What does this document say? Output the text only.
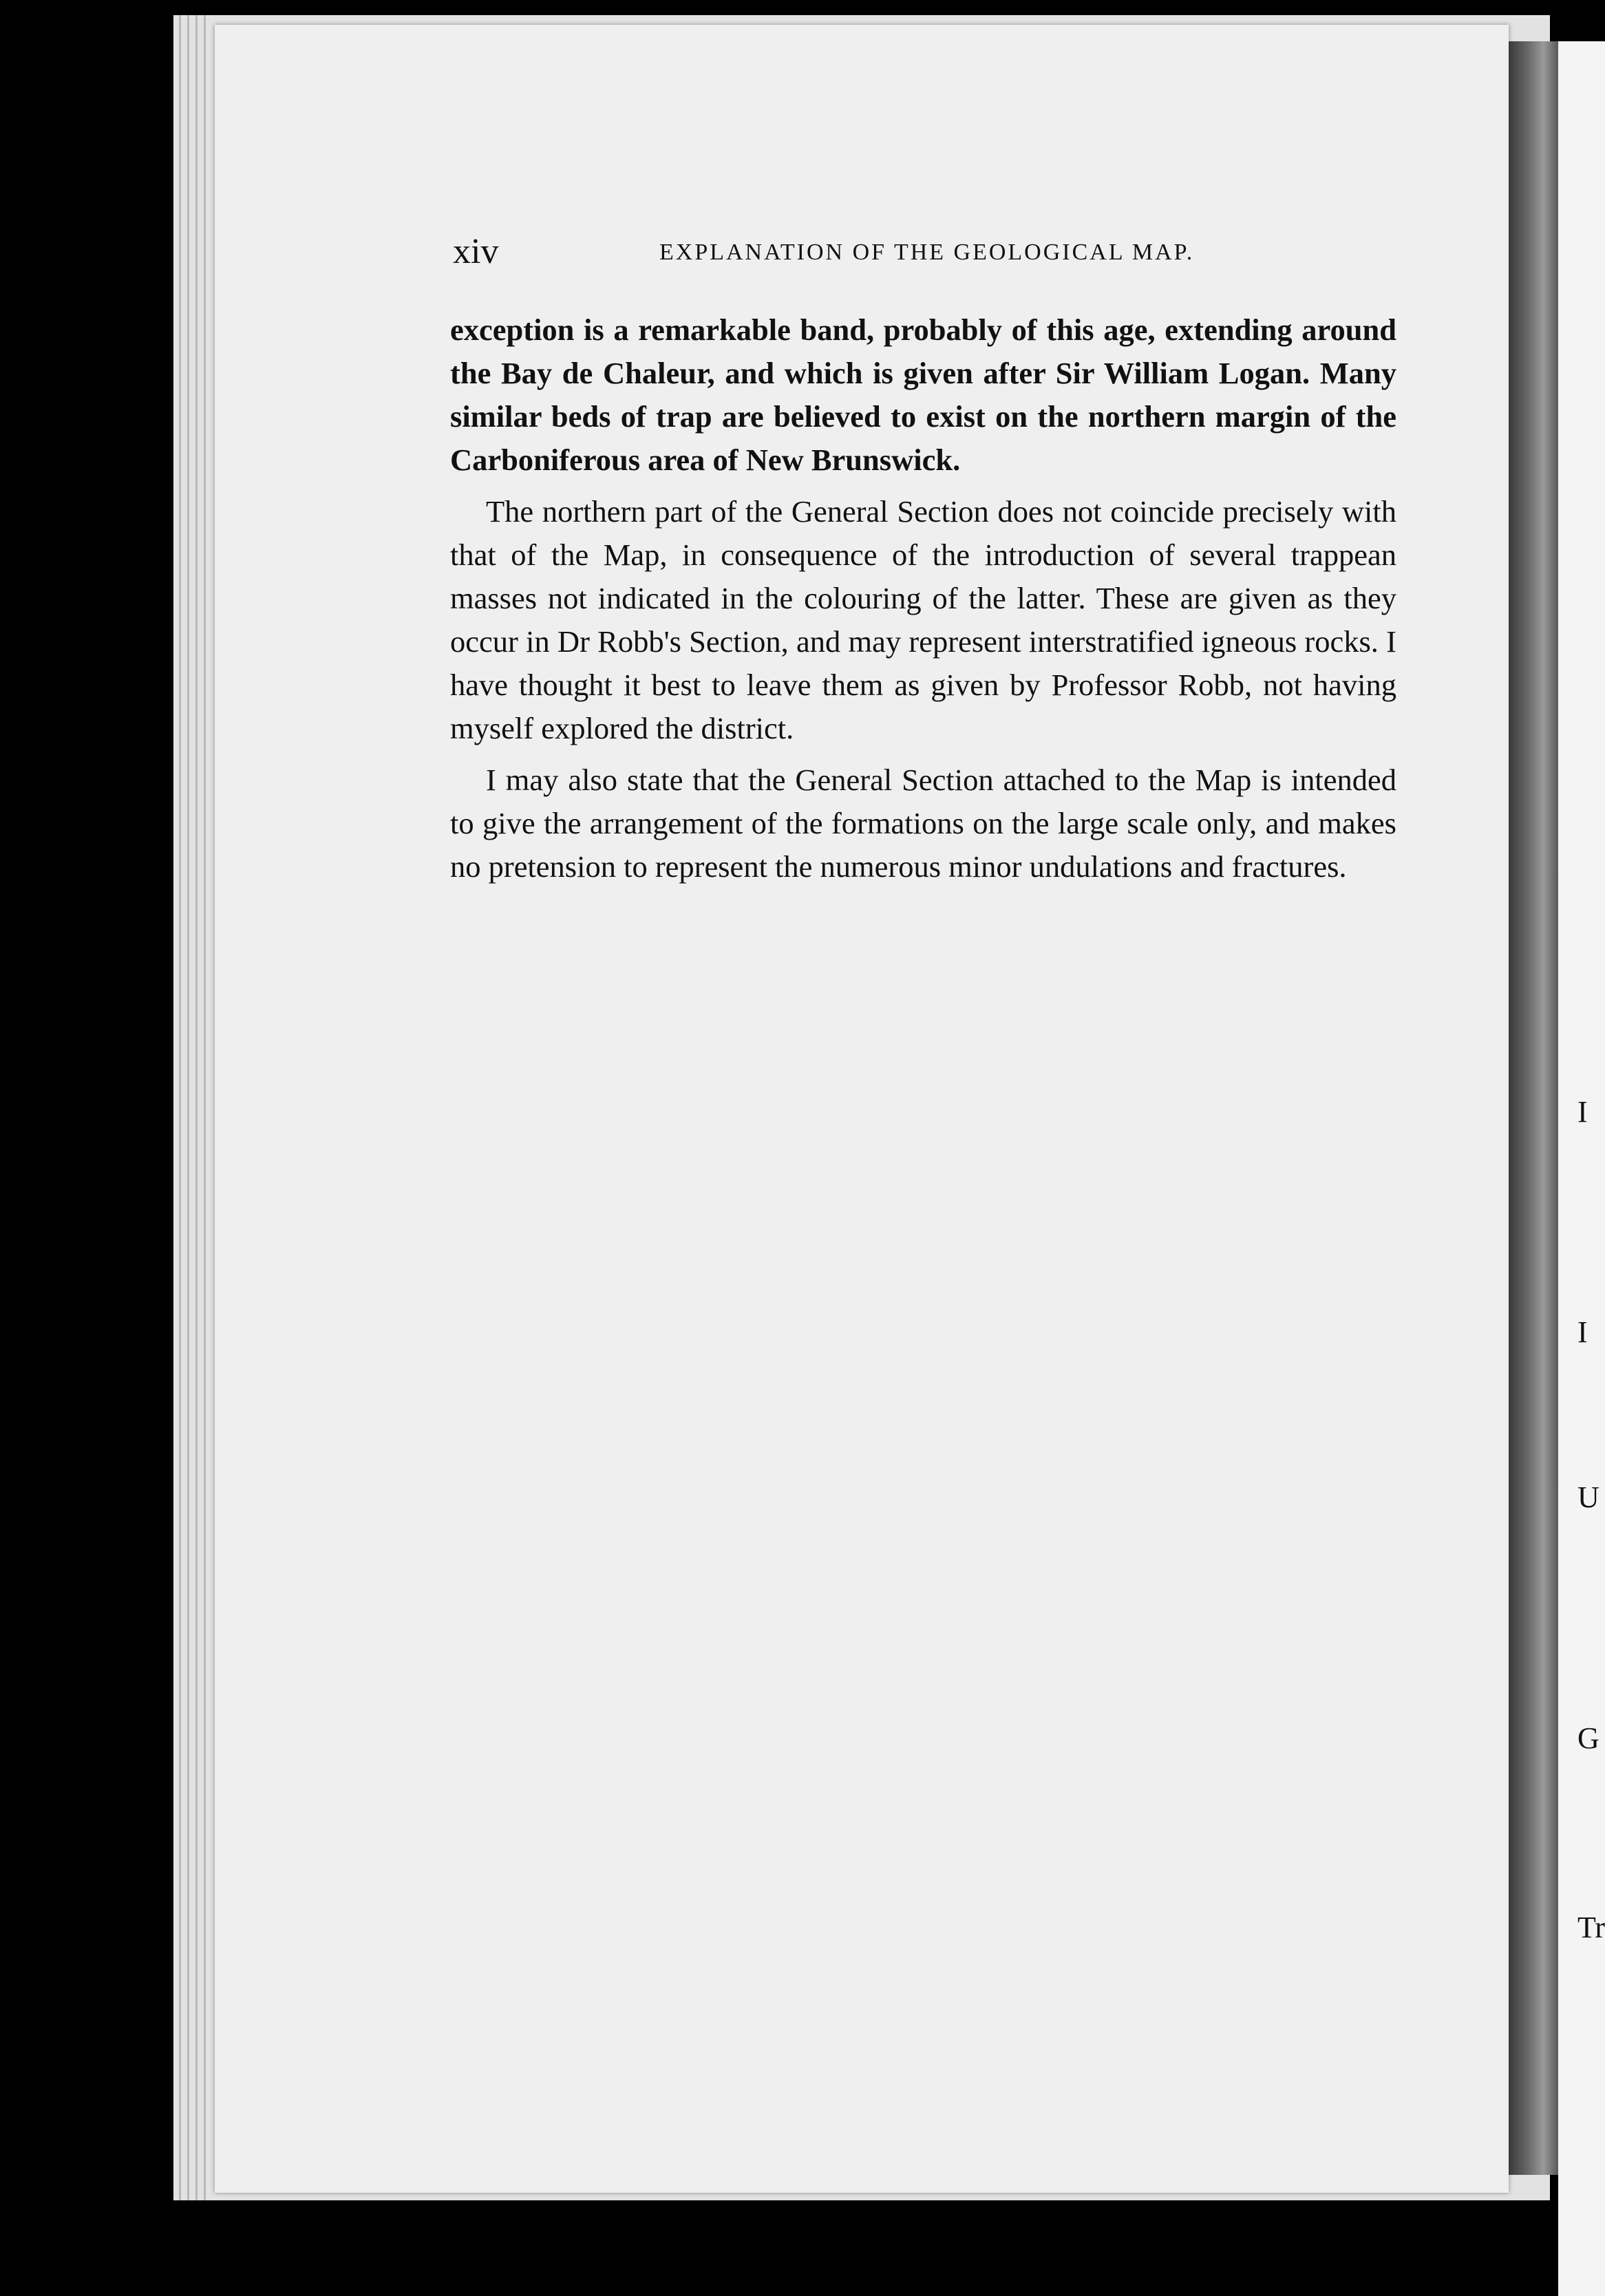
I
I
U
G
Tr
xiv	EXPLANATION OF THE GEOLOGICAL MAP.

exception is a remarkable band, probably of this age, extending around the Bay de Chaleur, and which is given after Sir William Logan. Many similar beds of trap are believed to exist on the northern margin of the Carboniferous area of New Brunswick.

The northern part of the General Section does not coincide precisely with that of the Map, in consequence of the introduction of several trappean masses not indicated in the colouring of the latter. These are given as they occur in Dr Robb's Section, and may represent interstratified igneous rocks. I have thought it best to leave them as given by Professor Robb, not having myself explored the district.

I may also state that the General Section attached to the Map is intended to give the arrangement of the formations on the large scale only, and makes no pretension to represent the numerous minor undulations and fractures.
